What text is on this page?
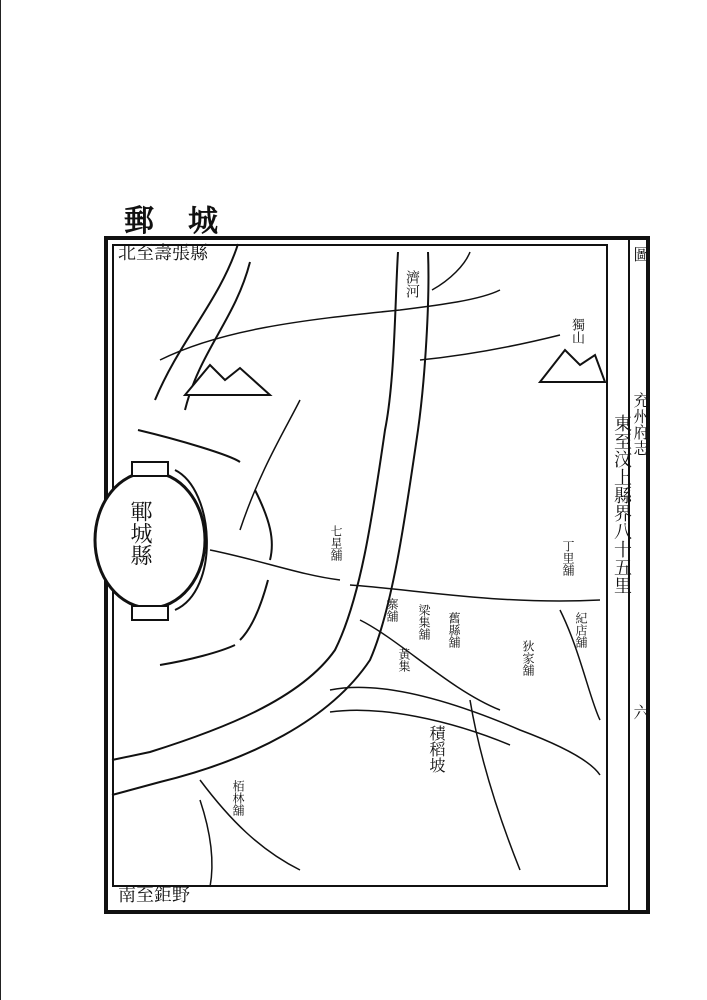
郵　城
北至壽張縣
南至鉅野
東至汶上縣界八十五里
鄆城縣
濟河
獨山
七星舖	丁里舖
紀店舖
狄家舖
舊縣舖
梁集舖
寨舖
黃集
積稻坡
栢林舖
圖
充州府志
六
